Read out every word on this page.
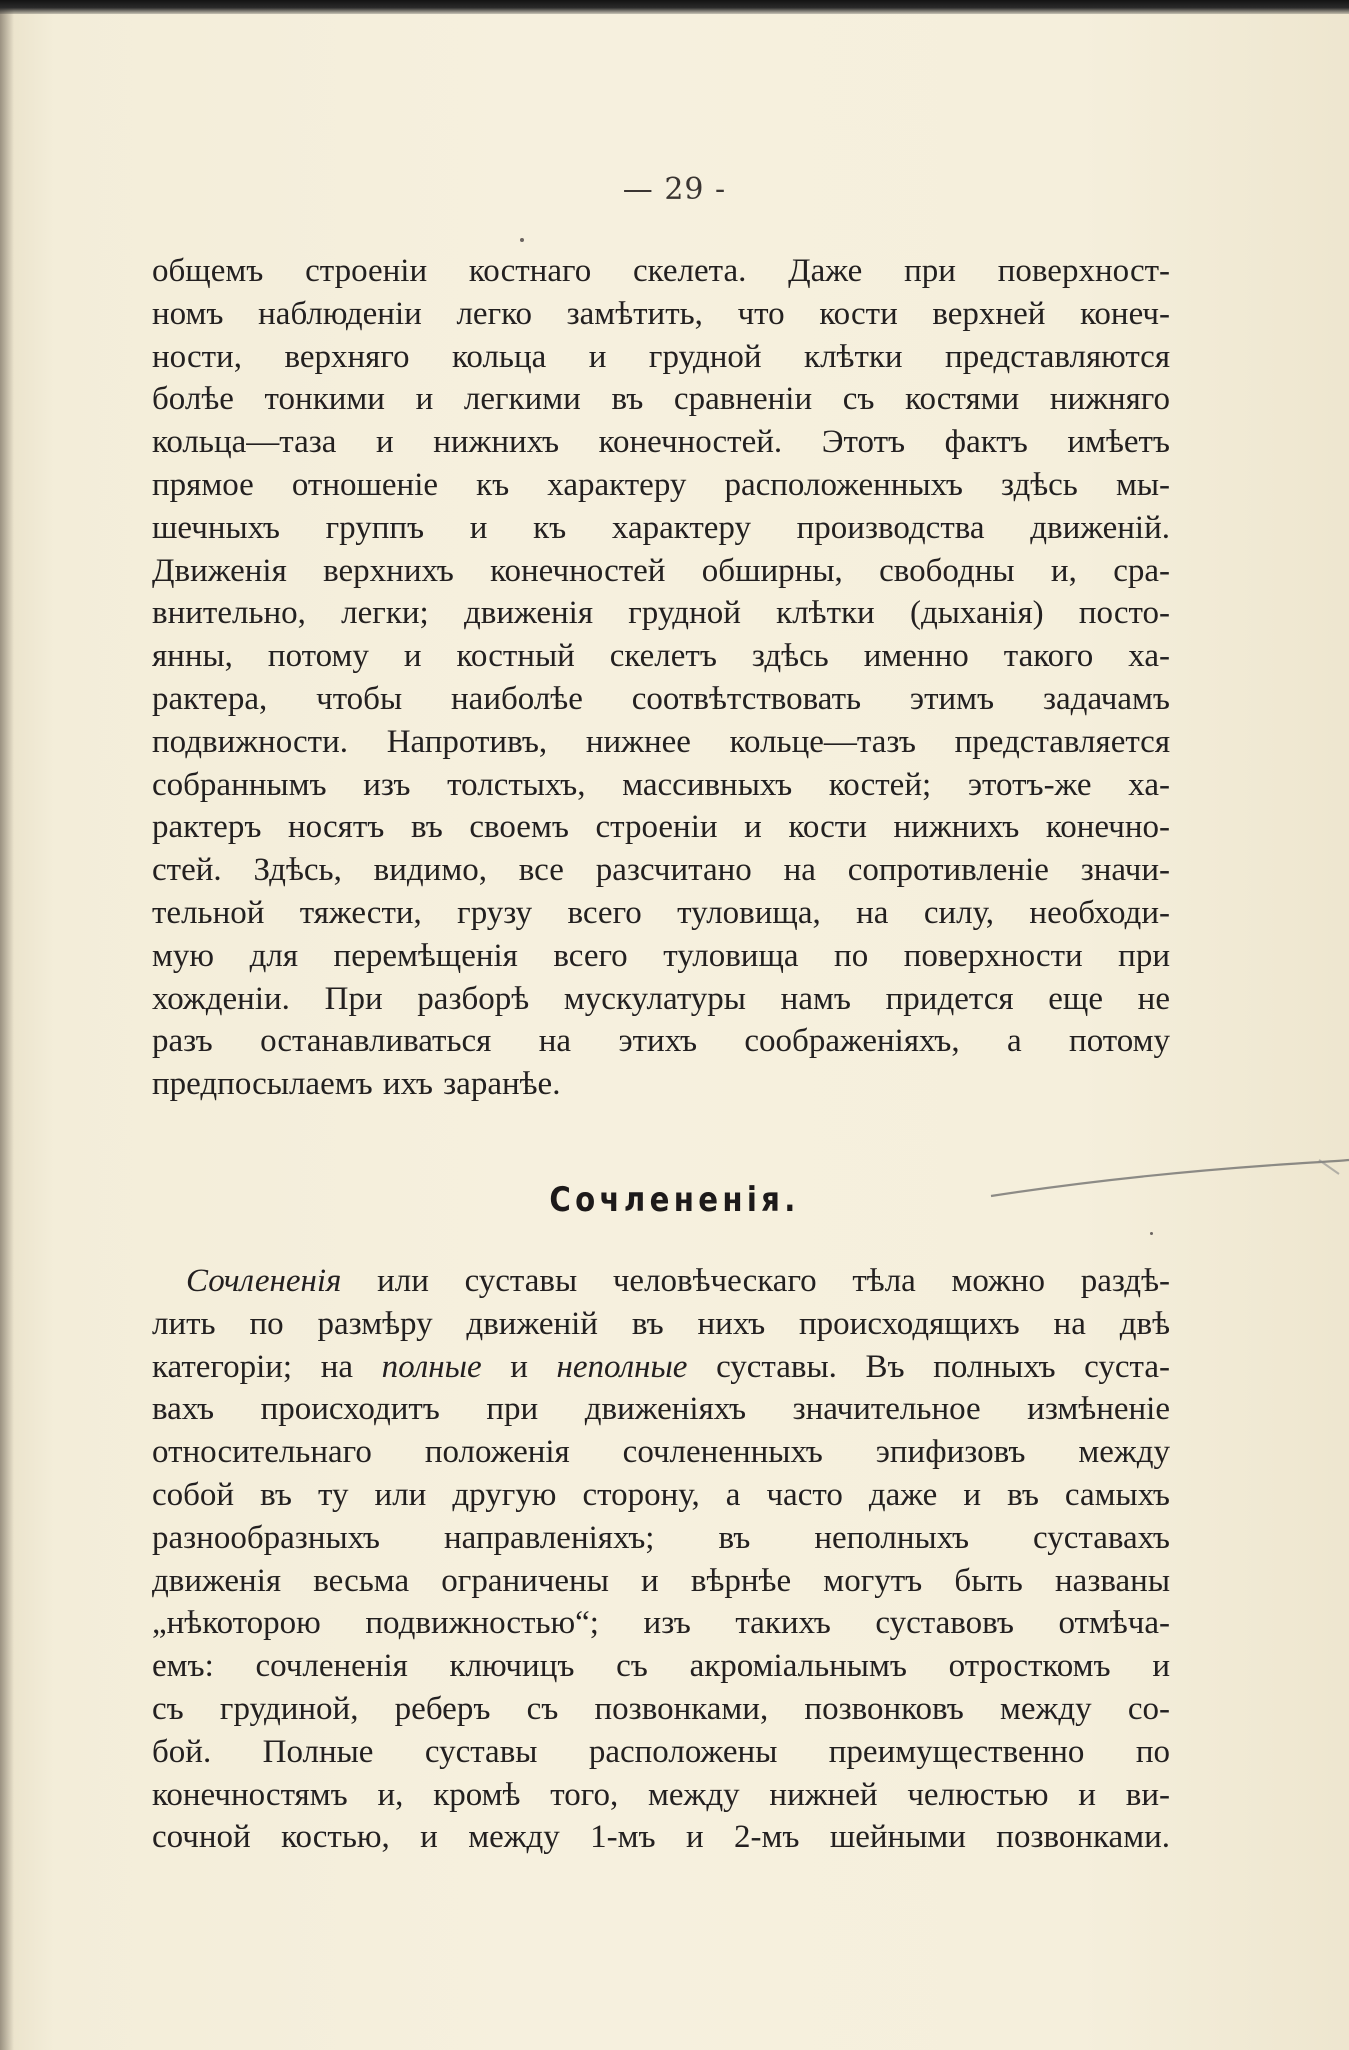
— 29 -
общемъ строеніи костнаго скелета. Даже при поверхност-
номъ наблюденіи легко замѣтить, что кости верхней конеч-
ности, верхняго кольца и грудной клѣтки представляются
болѣе тонкими и легкими въ сравненіи съ костями нижняго
кольца—таза и нижнихъ конечностей. Этотъ фактъ имѣетъ
прямое отношеніе къ характеру расположенныхъ здѣсь мы-
шечныхъ группъ и къ характеру производства движеній.
Движенія верхнихъ конечностей обширны, свободны и, сра-
внительно, легки; движенія грудной клѣтки (дыханія) посто-
янны, потому и костный скелетъ здѣсь именно такого ха-
рактера, чтобы наиболѣе соотвѣтствовать этимъ задачамъ
подвижности. Напротивъ, нижнее кольце—тазъ представляется
собраннымъ изъ толстыхъ, массивныхъ костей; этотъ-же ха-
рактеръ носятъ въ своемъ строеніи и кости нижнихъ конечно-
стей. Здѣсь, видимо, все разсчитано на сопротивленіе значи-
тельной тяжести, грузу всего туловища, на силу, необходи-
мую для перемѣщенія всего туловища по поверхности при
хожденіи. При разборѣ мускулатуры намъ придется еще не
разъ останавливаться на этихъ соображеніяхъ, а потому
предпосылаемъ ихъ заранѣе.
Сочлененія.
Сочлененія или суставы человѣческаго тѣла можно раздѣ-
лить по размѣру движеній въ нихъ происходящихъ на двѣ
категоріи; на полные и неполные суставы. Въ полныхъ суста-
вахъ происходитъ при движеніяхъ значительное измѣненіе
относительнаго положенія сочлененныхъ эпифизовъ между
собой въ ту или другую сторону, а часто даже и въ самыхъ
разнообразныхъ направленіяхъ; въ неполныхъ суставахъ
движенія весьма ограничены и вѣрнѣе могутъ быть названы
„нѣкоторою подвижностью“; изъ такихъ суставовъ отмѣча-
емъ: сочлененія ключицъ съ акроміальнымъ отросткомъ и
съ грудиной, реберъ съ позвонками, позвонковъ между со-
бой. Полные суставы расположены преимущественно по
конечностямъ и, кромѣ того, между нижней челюстью и ви-
сочной костью, и между 1-мъ и 2-мъ шейными позвонками.
